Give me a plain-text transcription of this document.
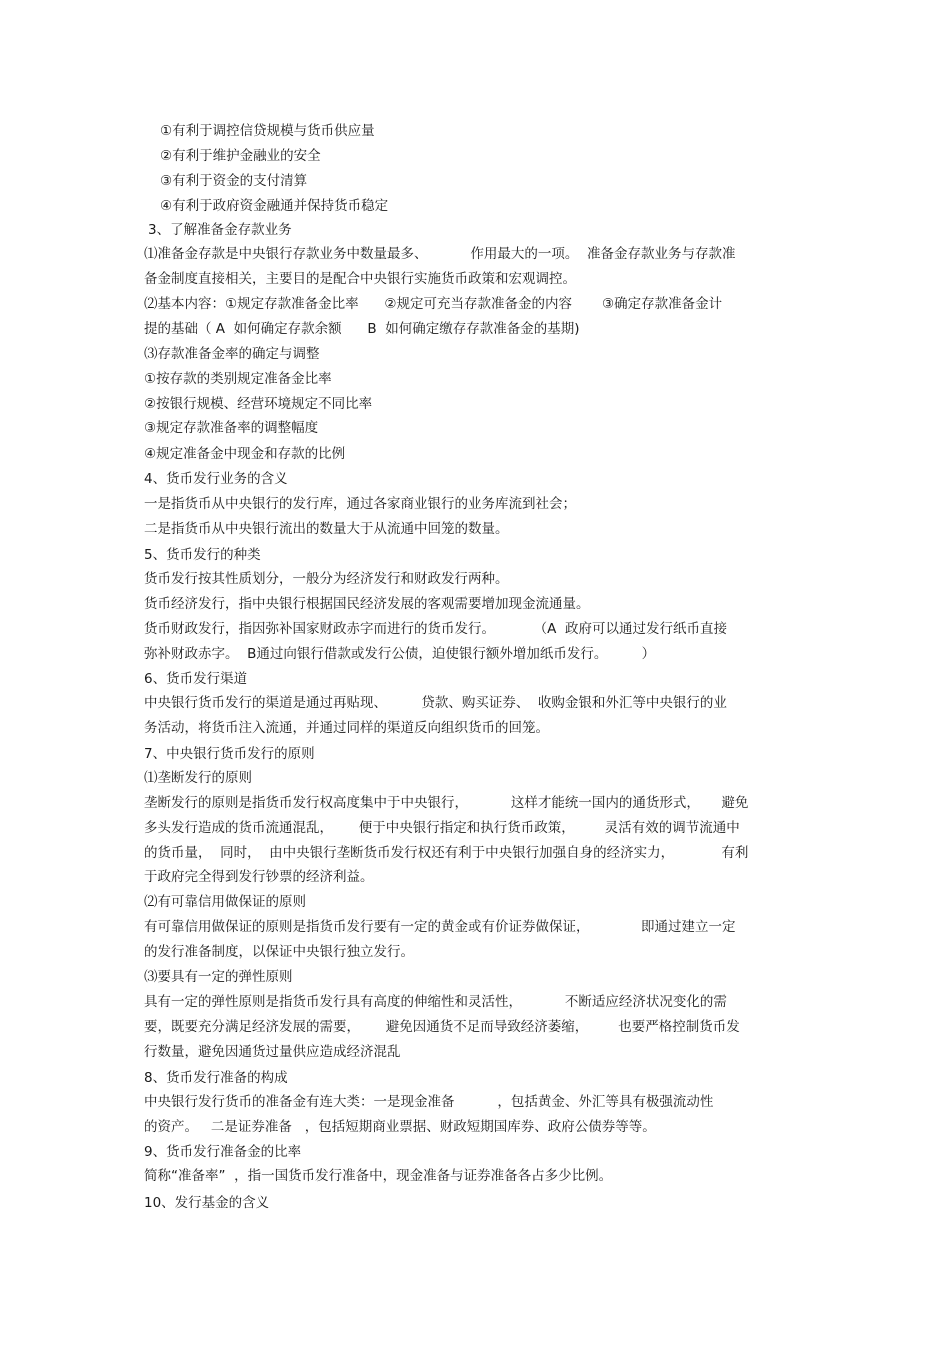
①有利于调控信贷规模与货币供应量
②有利于维护金融业的安全
③有利于资金的支付清算
④有利于政府资金融通并保持货币稳定
3、了解准备金存款业务
⑴准备金存款是中央银行存款业务中数量最多、          作用最大的一项。  准备金存款业务与存款准
备金制度直接相关，主要目的是配合中央银行实施货币政策和宏观调控。
⑵基本内容：①规定存款准备金比率      ②规定可充当存款准备金的内容       ③确定存款准备金计
提的基础（ A  如何确定存款余额      B  如何确定缴存存款准备金的基期)
⑶存款准备金率的确定与调整
①按存款的类别规定准备金比率
②按银行规模、经营环境规定不同比率
③规定存款准备率的调整幅度
④规定准备金中现金和存款的比例
4、货币发行业务的含义
一是指货币从中央银行的发行库，通过各家商业银行的业务库流到社会；
二是指货币从中央银行流出的数量大于从流通中回笼的数量。
5、货币发行的种类
货币发行按其性质划分，一般分为经济发行和财政发行两种。
货币经济发行，指中央银行根据国民经济发展的客观需要增加现金流通量。
货币财政发行，指因弥补国家财政赤字而进行的货币发行。         （A  政府可以通过发行纸币直接
弥补财政赤字。  B通过向银行借款或发行公债，迫使银行额外增加纸币发行。        ）
6、货币发行渠道
中央银行货币发行的渠道是通过再贴现、        贷款、购买证券、  收购金银和外汇等中央银行的业
务活动，将货币注入流通，并通过同样的渠道反向组织货币的回笼。
7、中央银行货币发行的原则
⑴垄断发行的原则
垄断发行的原则是指货币发行权高度集中于中央银行，          这样才能统一国内的通货形式，     避免
多头发行造成的货币流通混乱，      便于中央银行指定和执行货币政策，       灵活有效的调节流通中
的货币量，  同时，  由中央银行垄断货币发行权还有利于中央银行加强自身的经济实力，           有利
于政府完全得到发行钞票的经济利益。
⑵有可靠信用做保证的原则
有可靠信用做保证的原则是指货币发行要有一定的黄金或有价证券做保证，            即通过建立一定
的发行准备制度，以保证中央银行独立发行。
⑶要具有一定的弹性原则
具有一定的弹性原则是指货币发行具有高度的伸缩性和灵活性，          不断适应经济状况变化的需
要，既要充分满足经济发展的需要，      避免因通货不足而导致经济萎缩，       也要严格控制货币发
行数量，避免因通货过量供应造成经济混乱
8、货币发行准备的构成
中央银行发行货币的准备金有连大类：一是现金准备          ，包括黄金、外汇等具有极强流动性
的资产。   二是证券准备   ，包括短期商业票据、财政短期国库券、政府公债券等等。
9、货币发行准备金的比率
简称“准备率”  ，指一国货币发行准备中，现金准备与证券准备各占多少比例。
10、发行基金的含义
